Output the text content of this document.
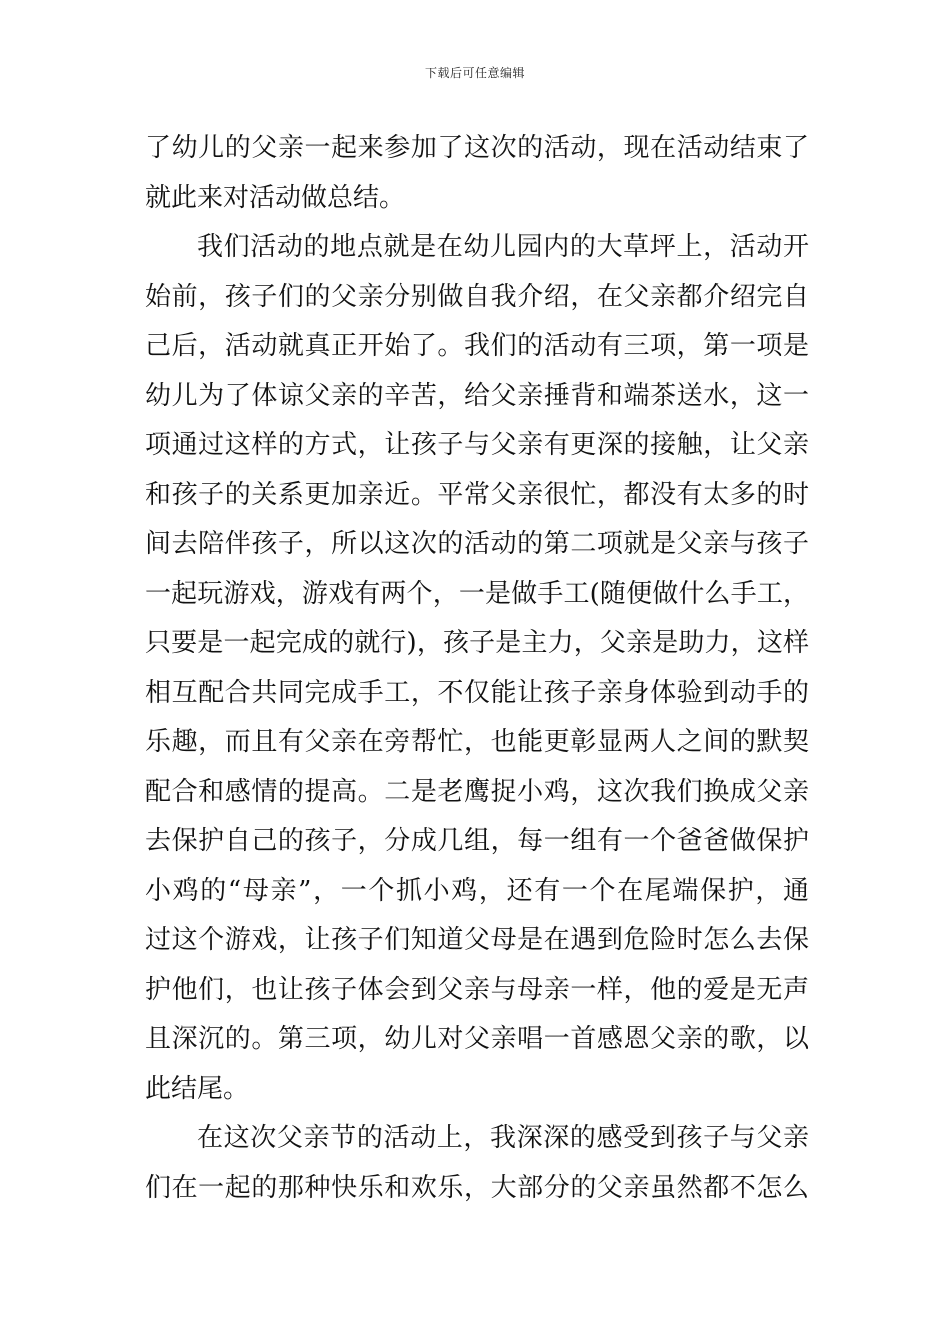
下载后可任意编辑
了幼儿的父亲一起来参加了这次的活动，现在活动结束了
就此来对活动做总结。
我们活动的地点就是在幼儿园内的大草坪上，活动开
始前，孩子们的父亲分别做自我介绍，在父亲都介绍完自
己后，活动就真正开始了。我们的活动有三项，第一项是
幼儿为了体谅父亲的辛苦，给父亲捶背和端茶送水，这一
项通过这样的方式，让孩子与父亲有更深的接触，让父亲
和孩子的关系更加亲近。平常父亲很忙，都没有太多的时
间去陪伴孩子，所以这次的活动的第二项就是父亲与孩子
一起玩游戏，游戏有两个，一是做手工(随便做什么手工，
只要是一起完成的就行)，孩子是主力，父亲是助力，这样
相互配合共同完成手工，不仅能让孩子亲身体验到动手的
乐趣，而且有父亲在旁帮忙，也能更彰显两人之间的默契
配合和感情的提高。二是老鹰捉小鸡，这次我们换成父亲
去保护自己的孩子，分成几组，每一组有一个爸爸做保护
小鸡的“母亲”，一个抓小鸡，还有一个在尾端保护，通
过这个游戏，让孩子们知道父母是在遇到危险时怎么去保
护他们，也让孩子体会到父亲与母亲一样，他的爱是无声
且深沉的。第三项，幼儿对父亲唱一首感恩父亲的歌，以
此结尾。
在这次父亲节的活动上，我深深的感受到孩子与父亲
们在一起的那种快乐和欢乐，大部分的父亲虽然都不怎么
